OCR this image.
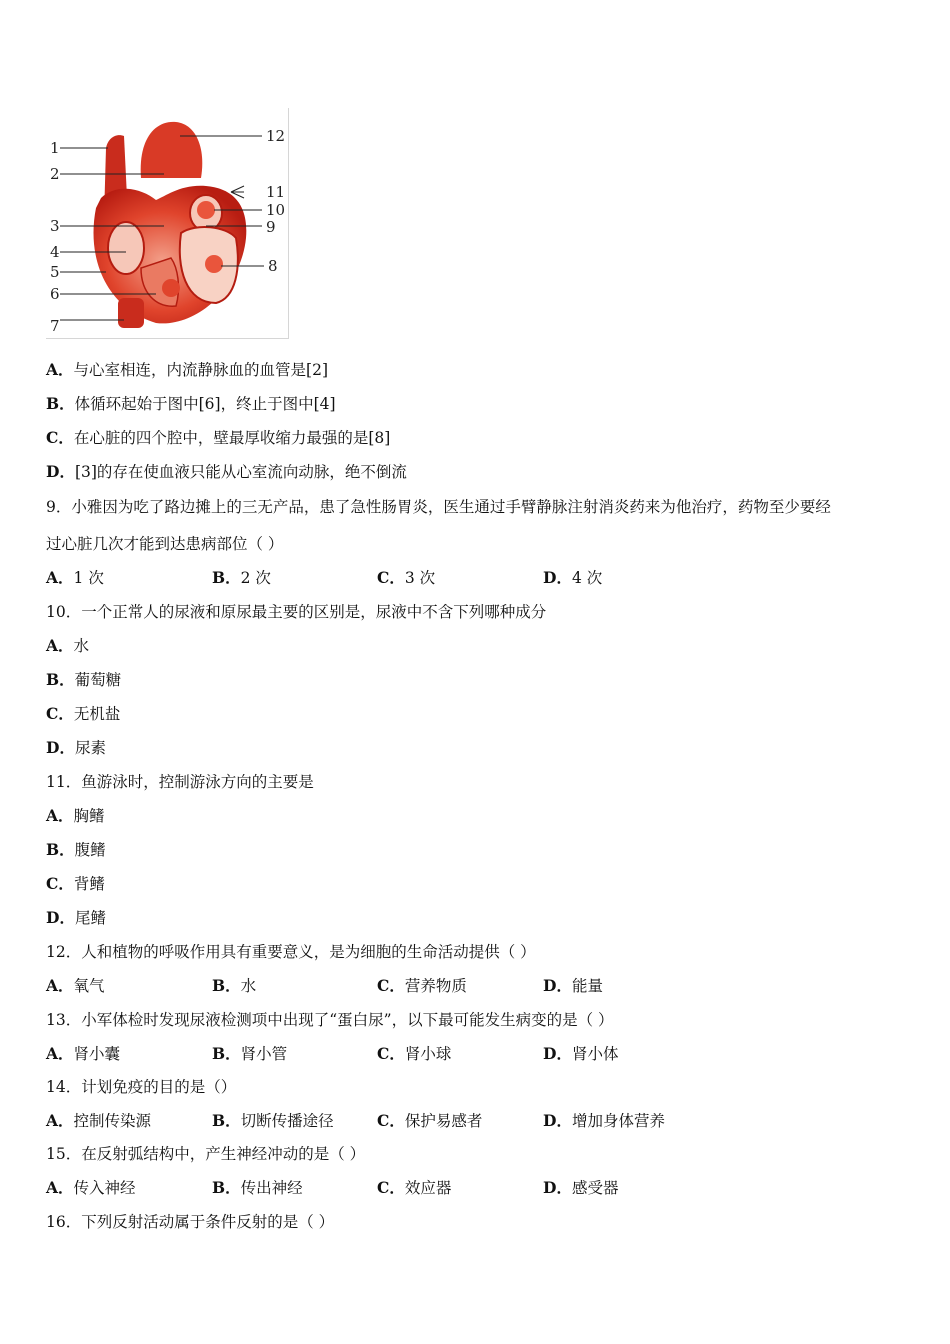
1
2
3
4
5
6
7
8
9
10
11
12
A．与心室相连，内流静脉血的血管是[2]
B．体循环起始于图中[6]，终止于图中[4]
C．在心脏的四个腔中，壁最厚收缩力最强的是[8]
D．[3]的存在使血液只能从心室流向动脉，绝不倒流
9．小雅因为吃了路边摊上的三无产品，患了急性肠胃炎，医生通过手臂静脉注射消炎药来为他治疗，药物至少要经
过心脏几次才能到达患病部位（ ）
A．1 次	B．2 次	C．3 次	D．4 次
10．一个正常人的尿液和原尿最主要的区别是，尿液中不含下列哪种成分
A．水
B．葡萄糖
C．无机盐
D．尿素
11．鱼游泳时，控制游泳方向的主要是
A．胸鳍
B．腹鳍
C．背鳍
D．尾鳍
12．人和植物的呼吸作用具有重要意义，是为细胞的生命活动提供（ ）
A．氧气	B．水	C．营养物质	D．能量
13．小军体检时发现尿液检测项中出现了“蛋白尿”，以下最可能发生病变的是（ ）
A．肾小囊	B．肾小管	C．肾小球	D．肾小体
14．计划免疫的目的是（）
A．控制传染源	B．切断传播途径	C．保护易感者	D．增加身体营养
15．在反射弧结构中，产生神经冲动的是（ ）
A．传入神经	B．传出神经	C．效应器	D．感受器
16．下列反射活动属于条件反射的是（ ）
